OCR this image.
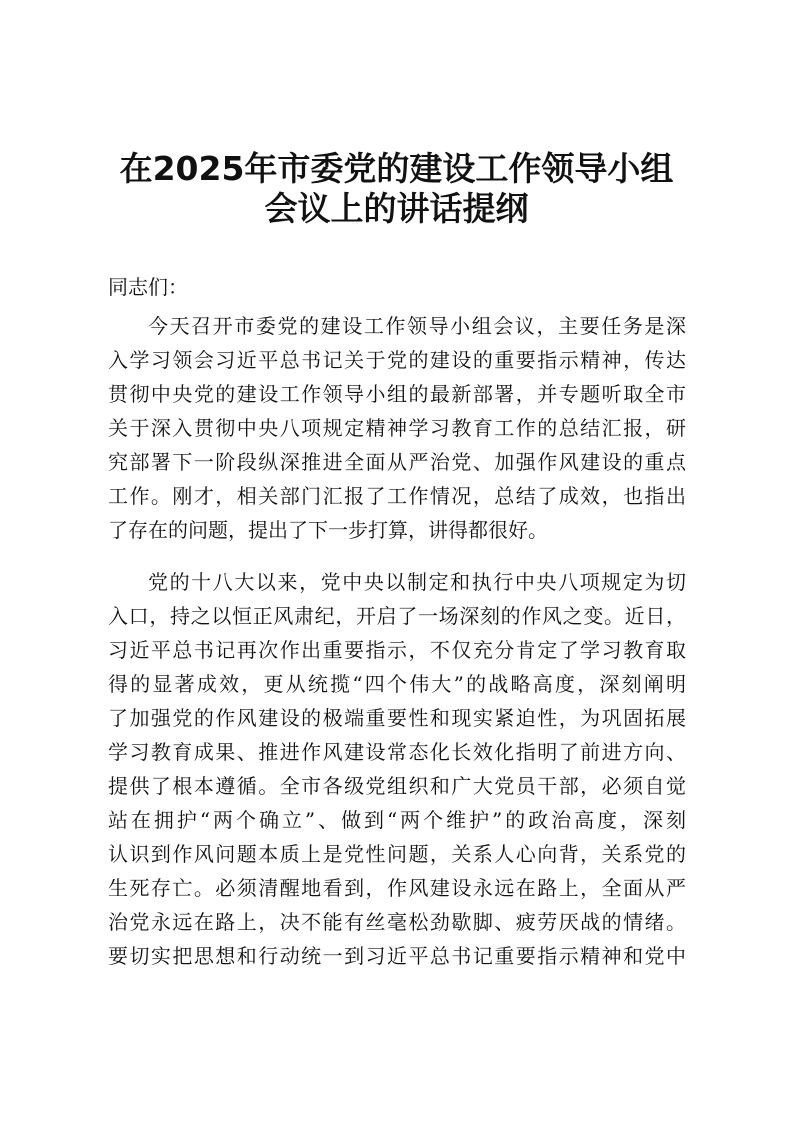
在2025年市委党的建设工作领导小组
会议上的讲话提纲

同志们：

今天召开市委党的建设工作领导小组会议，主要任务是深

入学习领会习近平总书记关于党的建设的重要指示精神，传达

贯彻中央党的建设工作领导小组的最新部署，并专题听取全市

关于深入贯彻中央八项规定精神学习教育工作的总结汇报，研

究部署下一阶段纵深推进全面从严治党、加强作风建设的重点

工作。刚才，相关部门汇报了工作情况，总结了成效，也指出

了存在的问题，提出了下一步打算，讲得都很好。

党的十八大以来，党中央以制定和执行中央八项规定为切

入口，持之以恒正风肃纪，开启了一场深刻的作风之变。近日，

习近平总书记再次作出重要指示，不仅充分肯定了学习教育取

得的显著成效，更从统揽“四个伟大”的战略高度，深刻阐明

了加强党的作风建设的极端重要性和现实紧迫性，为巩固拓展

学习教育成果、推进作风建设常态化长效化指明了前进方向、

提供了根本遵循。全市各级党组织和广大党员干部，必须自觉

站在拥护“两个确立”、做到“两个维护”的政治高度，深刻

认识到作风问题本质上是党性问题，关系人心向背，关系党的

生死存亡。必须清醒地看到，作风建设永远在路上，全面从严

治党永远在路上，决不能有丝毫松劲歇脚、疲劳厌战的情绪。

要切实把思想和行动统一到习近平总书记重要指示精神和党中
